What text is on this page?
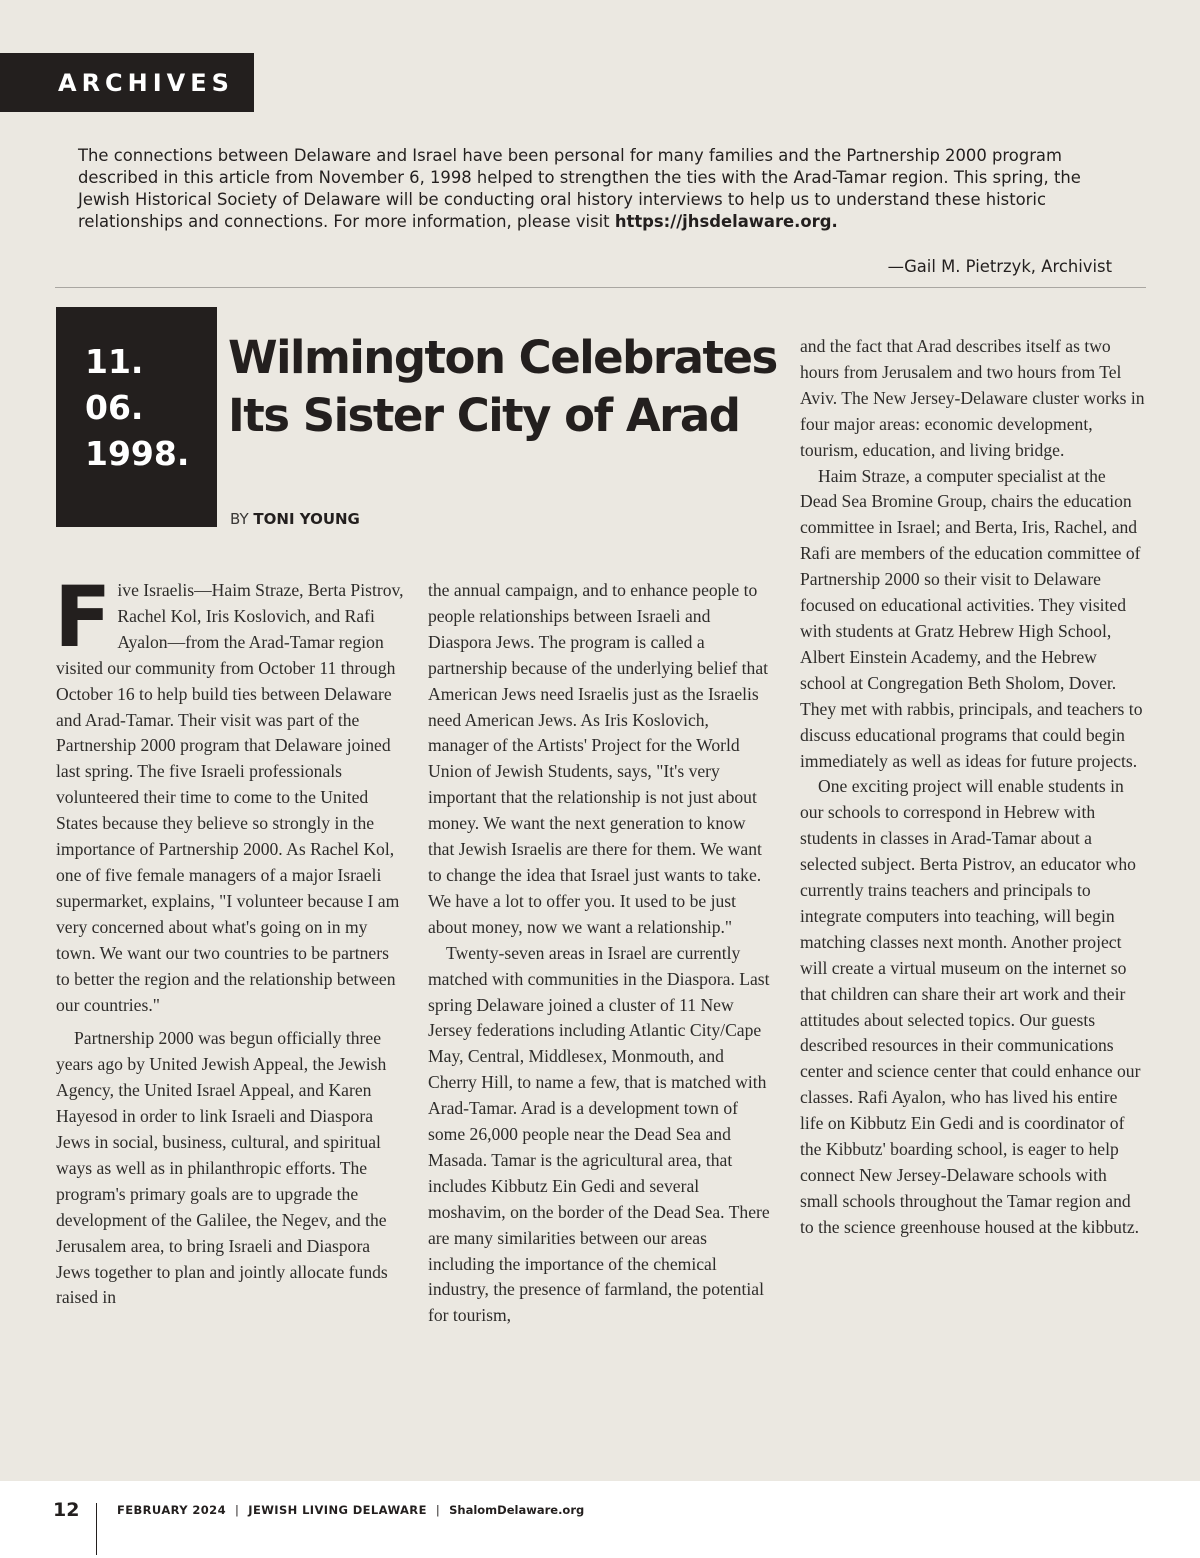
ARCHIVES
The connections between Delaware and Israel have been personal for many families and the Partnership 2000 program described in this article from November 6, 1998 helped to strengthen the ties with the Arad-Tamar region. This spring, the Jewish Historical Society of Delaware will be conducting oral history interviews to help us to understand these historic relationships and connections. For more information, please visit https://jhsdelaware.org.
—Gail M. Pietrzyk, Archivist
11.
06.
1998.
Wilmington Celebrates Its Sister City of Arad
BY TONI YOUNG

Five Israelis—Haim Straze, Berta Pistrov, Rachel Kol, Iris Koslovich, and Rafi Ayalon—from the Arad-Tamar region visited our community from October 11 through October 16 to help build ties between Delaware and Arad-Tamar. Their visit was part of the Partnership 2000 program that Delaware joined last spring. The five Israeli professionals volunteered their time to come to the United States because they believe so strongly in the importance of Partnership 2000. As Rachel Kol, one of five female managers of a major Israeli supermarket, explains, "I volunteer because I am very concerned about what's going on in my town. We want our two countries to be partners to better the region and the relationship between our countries."

Partnership 2000 was begun officially three years ago by United Jewish Appeal, the Jewish Agency, the United Israel Appeal, and Karen Hayesod in order to link Israeli and Diaspora Jews in social, business, cultural, and spiritual ways as well as in philanthropic efforts. The program's primary goals are to upgrade the development of the Galilee, the Negev, and the Jerusalem area, to bring Israeli and Diaspora Jews together to plan and jointly allocate funds raised in

the annual campaign, and to enhance people to people relationships between Israeli and Diaspora Jews. The program is called a partnership because of the underlying belief that American Jews need Israelis just as the Israelis need American Jews. As Iris Koslovich, manager of the Artists' Project for the World Union of Jewish Students, says, "It's very important that the relationship is not just about money. We want the next generation to know that Jewish Israelis are there for them. We want to change the idea that Israel just wants to take. We have a lot to offer you. It used to be just about money, now we want a relationship."

Twenty-seven areas in Israel are currently matched with communities in the Diaspora. Last spring Delaware joined a cluster of 11 New Jersey federations including Atlantic City/Cape May, Central, Middlesex, Monmouth, and Cherry Hill, to name a few, that is matched with Arad-Tamar. Arad is a development town of some 26,000 people near the Dead Sea and Masada. Tamar is the agricultural area, that includes Kibbutz Ein Gedi and several moshavim, on the border of the Dead Sea. There are many similarities between our areas including the importance of the chemical industry, the presence of farmland, the potential for tourism,

and the fact that Arad describes itself as two hours from Jerusalem and two hours from Tel Aviv. The New Jersey-Delaware cluster works in four major areas: economic development, tourism, education, and living bridge.

Haim Straze, a computer specialist at the Dead Sea Bromine Group, chairs the education committee in Israel; and Berta, Iris, Rachel, and Rafi are members of the education committee of Partnership 2000 so their visit to Delaware focused on educational activities. They visited with students at Gratz Hebrew High School, Albert Einstein Academy, and the Hebrew school at Congregation Beth Sholom, Dover. They met with rabbis, principals, and teachers to discuss educational programs that could begin immediately as well as ideas for future projects.

One exciting project will enable students in our schools to correspond in Hebrew with students in classes in Arad-Tamar about a selected subject. Berta Pistrov, an educator who currently trains teachers and principals to integrate computers into teaching, will begin matching classes next month. Another project will create a virtual museum on the internet so that children can share their art work and their attitudes about selected topics. Our guests described resources in their communications center and science center that could enhance our classes. Rafi Ayalon, who has lived his entire life on Kibbutz Ein Gedi and is coordinator of the Kibbutz' boarding school, is eager to help connect New Jersey-Delaware schools with small schools throughout the Tamar region and to the science greenhouse housed at the kibbutz.

12	FEBRUARY 2024 | JEWISH LIVING DELAWARE | ShalomDelaware.org
